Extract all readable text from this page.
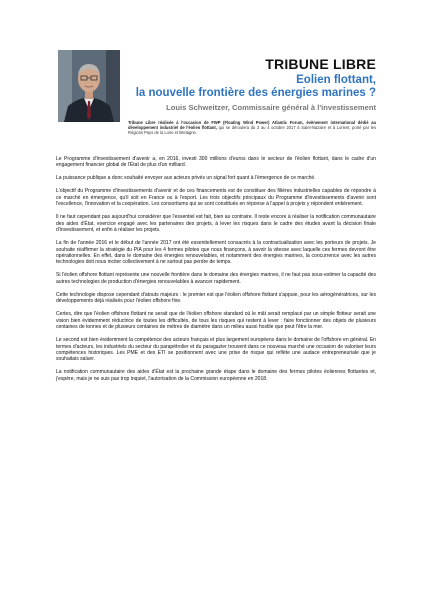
TRIBUNE LIBRE
Eolien flottant,
la nouvelle frontière des énergies marines ?
Louis Schweitzer, Commissaire général à l'investissement
Tribune Libre réalisée à l'occasion de FWP (Floating Wind Power) Atlantic Forum, évènement international dédié au développement industriel de l'éolien flottant, qui se déroulera du 2 au 4 octobre 2017 à Saint-Nazaire et à Lorient, porté par les Régions Pays de la Loire et Bretagne.

Le Programme d'investissement d'avenir a, en 2016, investi 300 millions d'euros dans le secteur de l'éolien flottant, dans le cadre d'un engagement financier global de l'État de plus d'un milliard.

La puissance publique a donc souhaité envoyer aux acteurs privés un signal fort quant à l'émergence de ce marché.

L'objectif du Programme d'investissements d'avenir et de ces financements est de constituer des filières industrielles capables de répondre à ce marché en émergence, qu'il soit en France ou à l'export. Les trois objectifs principaux du Programme d'investissements d'avenir sont l'excellence, l'innovation et la coopération. Les consortiums qui se sont constitués en réponse à l'appel à projets y répondent entièrement.

Il ne faut cependant pas aujourd'hui considérer que l'essentiel est fait, bien au contraire. Il reste encore à réaliser la notification communautaire des aides d'État, exercice engagé avec les partenaires des projets, à lever les risques dans le cadre des études avant la décision finale d'investissement, et enfin à réaliser les projets.

La fin de l'année 2016 et le début de l'année 2017 ont été essentiellement consacrés à la contractualisation avec les porteurs de projets. Je souhaite réaffirmer la stratégie du PIA pour les 4 fermes pilotes que nous finançons, à savoir la vitesse avec laquelle ces fermes devront être opérationnelles. En effet, dans le domaine des énergies renouvelables, et notamment des énergies marines, la concurrence avec les autres technologies doit nous inciter collectivement à ne surtout pas perdre de temps.

Si l'éolien offshore flottant représente une nouvelle frontière dans le domaine des énergies marines, il ne faut pas sous-estimer la capacité des autres technologies de production d'énergies renouvelables à avancer rapidement.

Cette technologie dispose cependant d'atouts majeurs : le premier est que l'éolien offshore flottant s'appuie, pour les aérogénératrices, sur les développements déjà réalisés pour l'éolien offshore fixe.

Certes, dire que l'éolien offshore flottant ne serait que de l'éolien offshore standard où le mât serait remplacé par un simple flotteur serait une vision bien évidemment réductrice de toutes les difficultés, de tous les risques qui restent à lever : faire fonctionner des objets de plusieurs centaines de tonnes et de plusieurs centaines de mètres de diamètre dans un milieu aussi hostile que peut l'être la mer.

Le second est bien évidemment la compétence des acteurs français et plus largement européens dans le domaine de l'offshore en général. En termes d'acteurs, les industriels du secteur du parapétrolier et du paragazier trouvent dans ce nouveau marché une occasion de valoriser leurs compétences historiques. Les PME et des ETI se positionnent avec une prise de risque qui reflète une audace entrepreneuriale que je souhaitais saluer.

La notification communautaire des aides d'État est la prochaine grande étape dans le domaine des fermes pilotes éoliennes flottantes et, j'espère, mais je ne suis pas trop inquiet, l'autorisation de la Commission européenne en 2018.
